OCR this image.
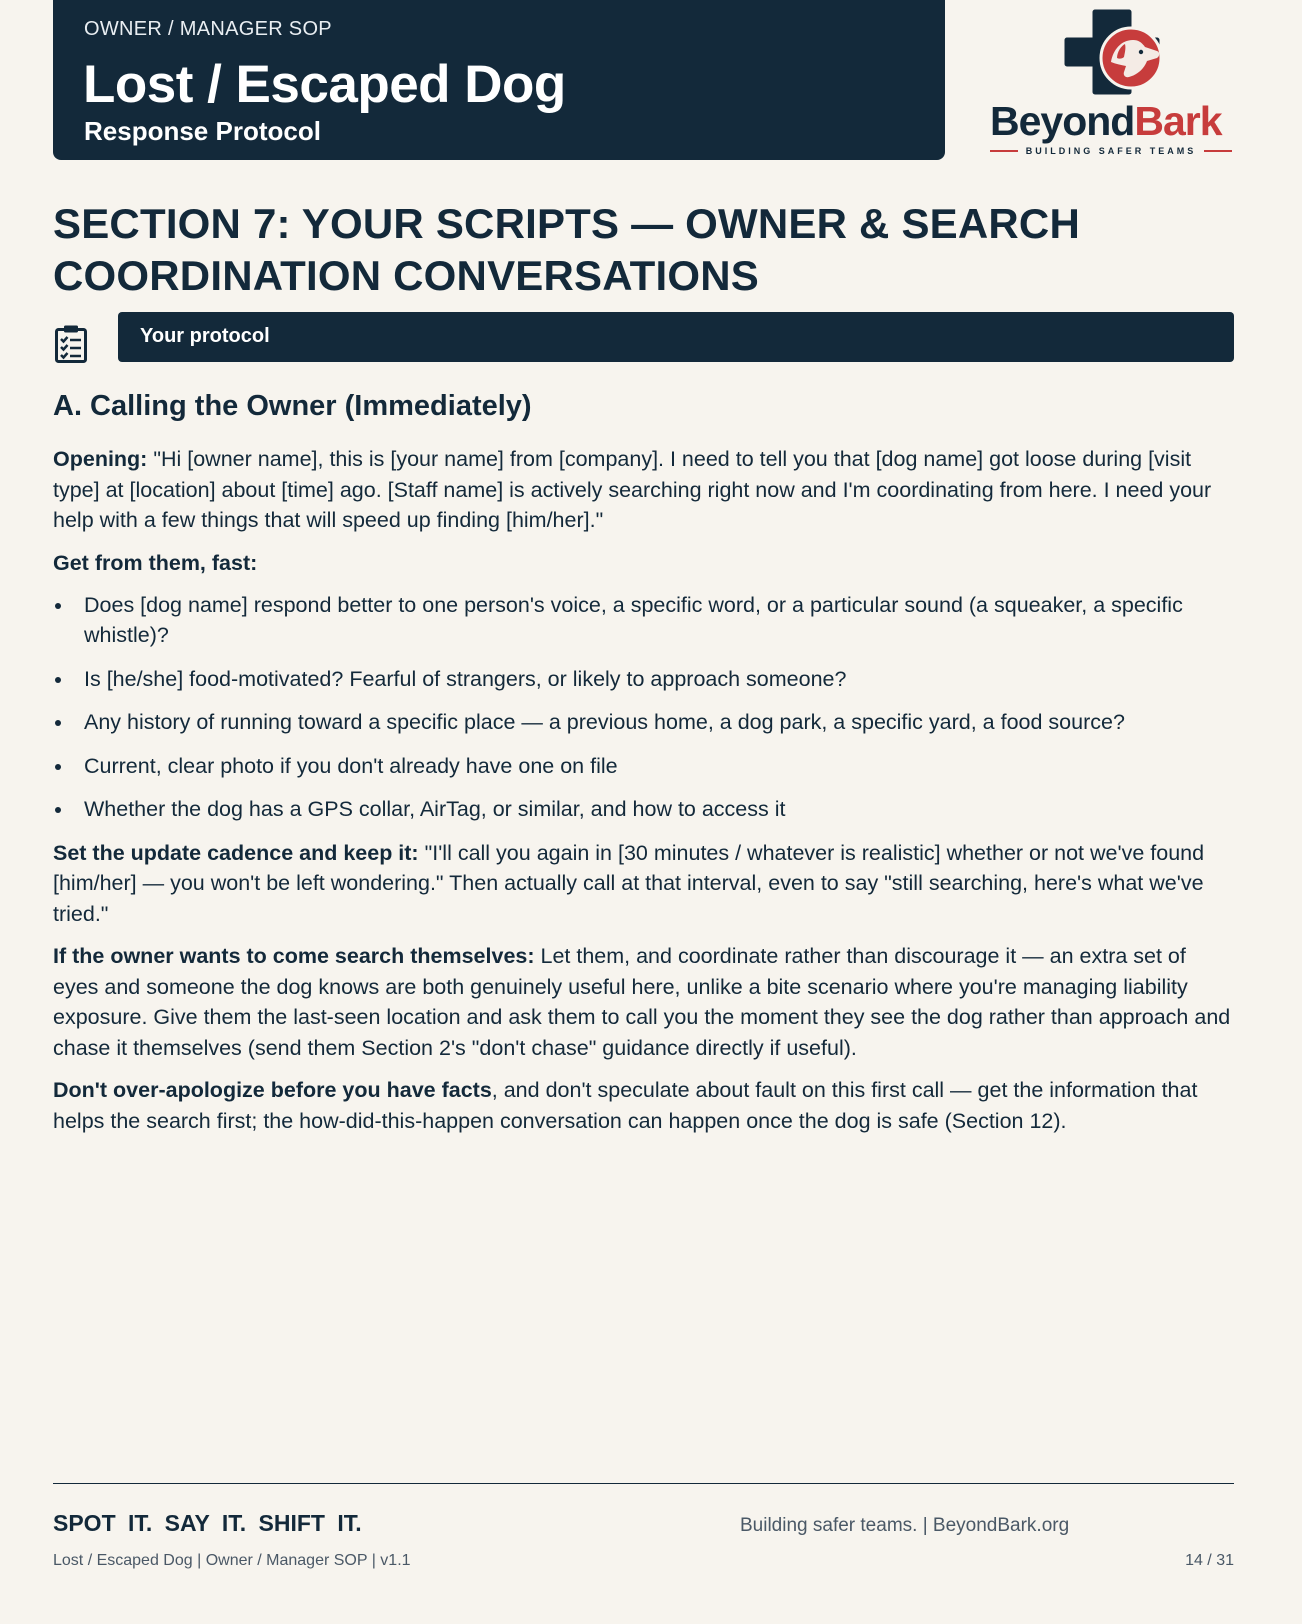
OWNER / MANAGER SOP
Lost / Escaped Dog
Response Protocol	BeyondBark
BUILDING SAFER TEAMS
SECTION 7: YOUR SCRIPTS — OWNER & SEARCH COORDINATION CONVERSATIONS
Your protocol
A. Calling the Owner (Immediately)

Opening: "Hi [owner name], this is [your name] from [company]. I need to tell you that [dog name] got loose during [visit type] at [location] about [time] ago. [Staff name] is actively searching right now and I'm coordinating from here. I need your help with a few things that will speed up finding [him/her]."

Get from them, fast:
Does [dog name] respond better to one person's voice, a specific word, or a particular sound (a squeaker, a specific whistle)?
Is [he/she] food-motivated? Fearful of strangers, or likely to approach someone?
Any history of running toward a specific place — a previous home, a dog park, a specific yard, a food source?
Current, clear photo if you don't already have one on file
Whether the dog has a GPS collar, AirTag, or similar, and how to access it

Set the update cadence and keep it: "I'll call you again in [30 minutes / whatever is realistic] whether or not we've found [him/her] — you won't be left wondering." Then actually call at that interval, even to say "still searching, here's what we've tried."

If the owner wants to come search themselves: Let them, and coordinate rather than discourage it — an extra set of eyes and someone the dog knows are both genuinely useful here, unlike a bite scenario where you're managing liability exposure. Give them the last-seen location and ask them to call you the moment they see the dog rather than approach and chase it themselves (send them Section 2's "don't chase" guidance directly if useful).

Don't over-apologize before you have facts, and don't speculate about fault on this first call — get the information that helps the search first; the how-did-this-happen conversation can happen once the dog is safe (Section 12).

SPOT IT. SAY IT. SHIFT IT.	Building safer teams. | BeyondBark.org
Lost / Escaped Dog | Owner / Manager SOP | v1.1	14 / 31
